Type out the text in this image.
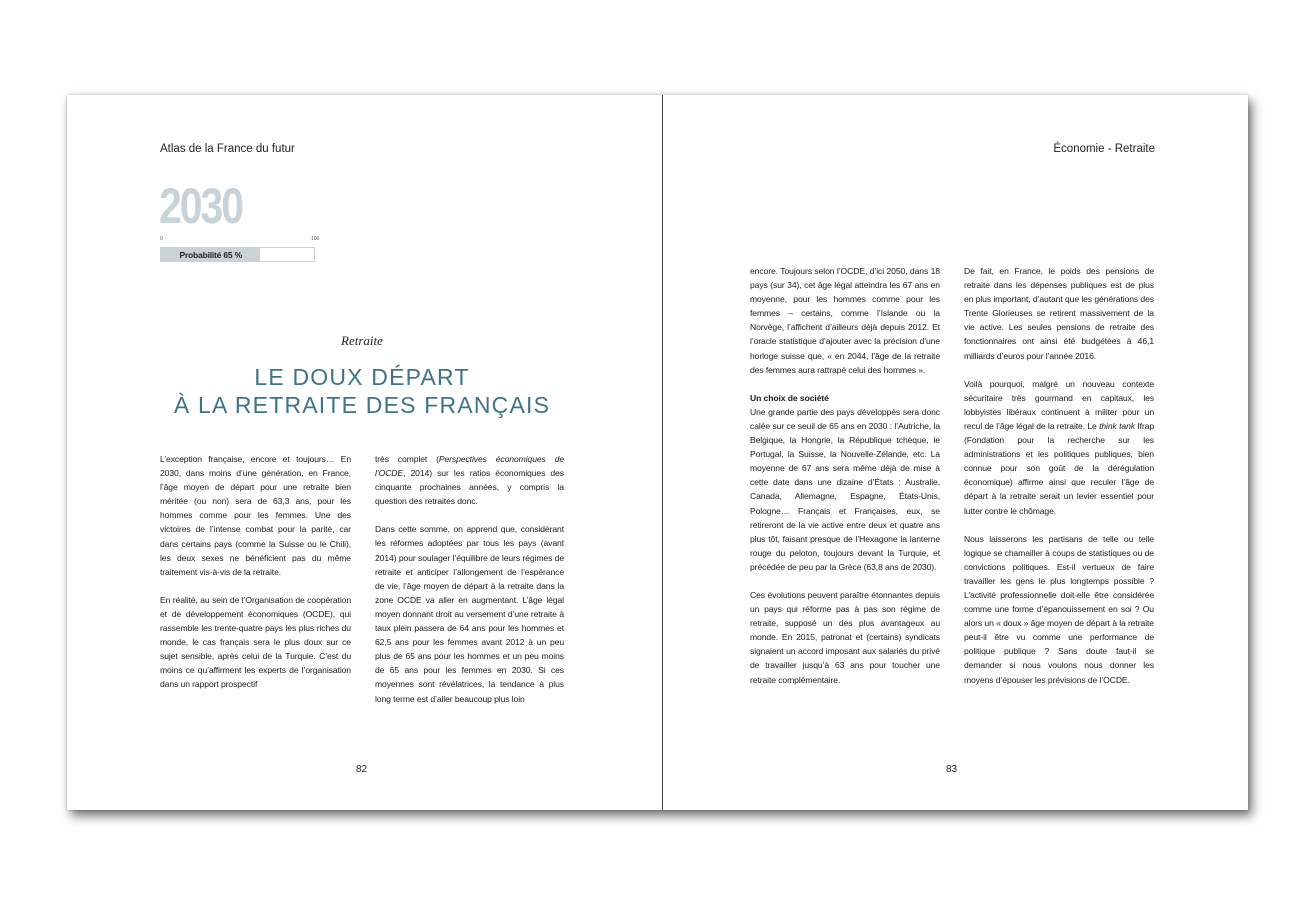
Atlas de la France du futur
2030
0	100
Probabilité 65 %
Retraite
LE DOUX DÉPART
À LA RETRAITE DES FRANÇAIS

L’exception française, encore et toujours… En 2030, dans moins d’une génération, en France, l’âge moyen de départ pour une retraite bien méritée (ou non) sera de 63,3 ans, pour les hommes comme pour les femmes. Une des victoires de l’intense combat pour la parité, car dans certains pays (comme la Suisse ou le Chili), les deux sexes ne bénéficient pas du même traitement vis-à-vis de la retraite.

En réalité, au sein de l’Organisation de coopération et de développement économiques (OCDE), qui rassemble les trente-quatre pays les plus riches du monde, le cas français sera le plus doux sur ce sujet sensible, après celui de la Turquie. C’est du moins ce qu’affirment les experts de l’organisation dans un rapport prospectif

très complet (Perspectives économiques de l’OCDE, 2014) sur les ratios économiques des cinquante prochaines années, y compris la question des retraites donc.

Dans cette somme, on apprend que, considérant les réformes adoptées par tous les pays (avant 2014) pour soulager l’équilibre de leurs régimes de retraite et anticiper l’allongement de l’espérance de vie, l’âge moyen de départ à la retraite dans la zone OCDE va aller en augmentant. L’âge légal moyen donnant droit au versement d’une retraite à taux plein passera de 64 ans pour les hommes et 62,5 ans pour les femmes avant 2012 à un peu plus de 65 ans pour les hommes et un peu moins de 65 ans pour les femmes en 2030. Si ces moyennes sont révélatrices, la tendance à plus long terme est d’aller beaucoup plus loin

82
Économie - Retraite

encore. Toujours selon l’OCDE, d’ici 2050, dans 18 pays (sur 34), cet âge légal atteindra les 67 ans en moyenne, pour les hommes comme pour les femmes – certains, comme l’Islande ou la Norvège, l’affichent d’ailleurs déjà depuis 2012. Et l’oracle statistique d’ajouter avec la précision d’une horloge suisse que, « en 2044, l’âge de la retraite des femmes aura rattrapé celui des hommes ».

Un choix de société

Une grande partie des pays développés sera donc calée sur ce seuil de 65 ans en 2030 : l’Autriche, la Belgique, la Hongrie, la République tchèque, le Portugal, la Suisse, la Nouvelle-Zélande, etc. La moyenne de 67 ans sera même déjà de mise à cette date dans une dizaine d’États : Australie, Canada, Allemagne, Espagne, États-Unis, Pologne… Français et Françaises, eux, se retireront de la vie active entre deux et quatre ans plus tôt, faisant presque de l’Hexagone la lanterne rouge du peloton, toujours devant la Turquie, et précédée de peu par la Grèce (63,8 ans de 2030).

Ces évolutions peuvent paraître étonnantes depuis un pays qui réforme pas à pas son régime de retraite, supposé un des plus avantageux au monde. En 2015, patronat et (certains) syndicats signaient un accord imposant aux salariés du privé de travailler jusqu’à 63 ans pour toucher une retraite complémentaire.

De fait, en France, le poids des pensions de retraite dans les dépenses publiques est de plus en plus important, d’autant que les générations des Trente Glorieuses se retirent massivement de la vie active. Les seules pensions de retraite des fonctionnaires ont ainsi été budgétées à 46,1 milliards d’euros pour l’année 2016.

Voilà pourquoi, malgré un nouveau contexte sécuritaire très gourmand en capitaux, les lobbyistes libéraux continuent à militer pour un recul de l’âge légal de la retraite. Le think tank Ifrap (Fondation pour la recherche sur les administrations et les politiques publiques, bien connue pour son goût de la dérégulation économique) affirme ainsi que reculer l’âge de départ à la retraite serait un levier essentiel pour lutter contre le chômage.

Nous laisserons les partisans de telle ou telle logique se chamailler à coups de statistiques ou de convictions politiques. Est-il vertueux de faire travailler les gens le plus longtemps possible ? L’activité professionnelle doit-elle être considérée comme une forme d’épanouissement en soi ? Ou alors un « doux » âge moyen de départ à la retraite peut-il être vu comme une performance de politique publique ? Sans doute faut-il se demander si nous voulons nous donner les moyens d’épouser les prévisions de l’OCDE.

83
